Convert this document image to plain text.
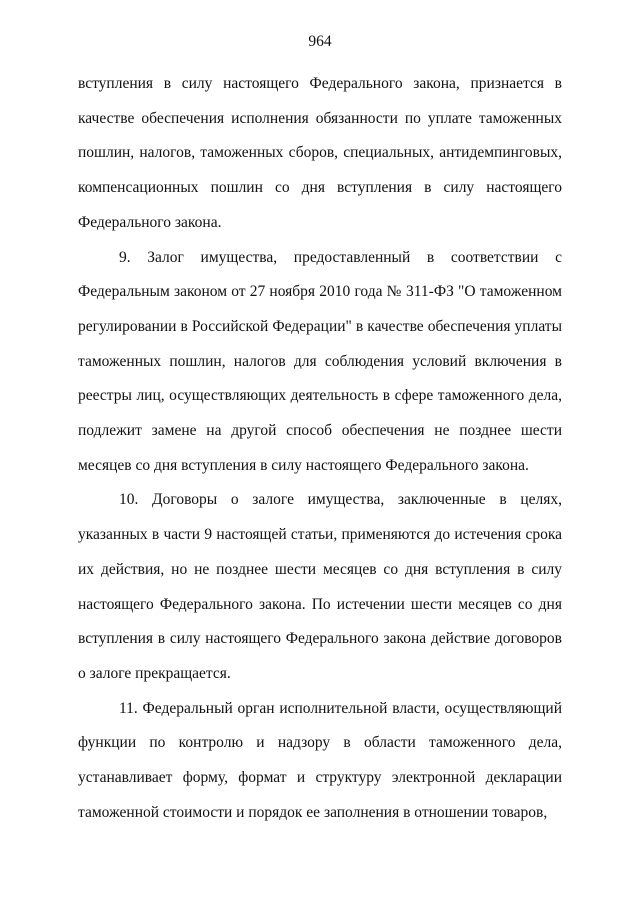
964

вступления в силу настоящего Федерального закона, признается в качестве обеспечения исполнения обязанности по уплате таможенных пошлин, налогов, таможенных сборов, специальных, антидемпинговых, компенсационных пошлин со дня вступления в силу настоящего Федерального закона.

9. Залог имущества, предоставленный в соответствии с Федеральным законом от 27 ноября 2010 года № 311-ФЗ "О таможенном регулировании в Российской Федерации" в качестве обеспечения уплаты таможенных пошлин, налогов для соблюдения условий включения в реестры лиц, осуществляющих деятельность в сфере таможенного дела, подлежит замене на другой способ обеспечения не позднее шести месяцев со дня вступления в силу настоящего Федерального закона.

10. Договоры о залоге имущества, заключенные в целях, указанных в части 9 настоящей статьи, применяются до истечения срока их действия, но не позднее шести месяцев со дня вступления в силу настоящего Федерального закона. По истечении шести месяцев со дня вступления в силу настоящего Федерального закона действие договоров о залоге прекращается.

11. Федеральный орган исполнительной власти, осуществляющий функции по контролю и надзору в области таможенного дела, устанавливает форму, формат и структуру электронной декларации таможенной стоимости и порядок ее заполнения в отношении товаров,
